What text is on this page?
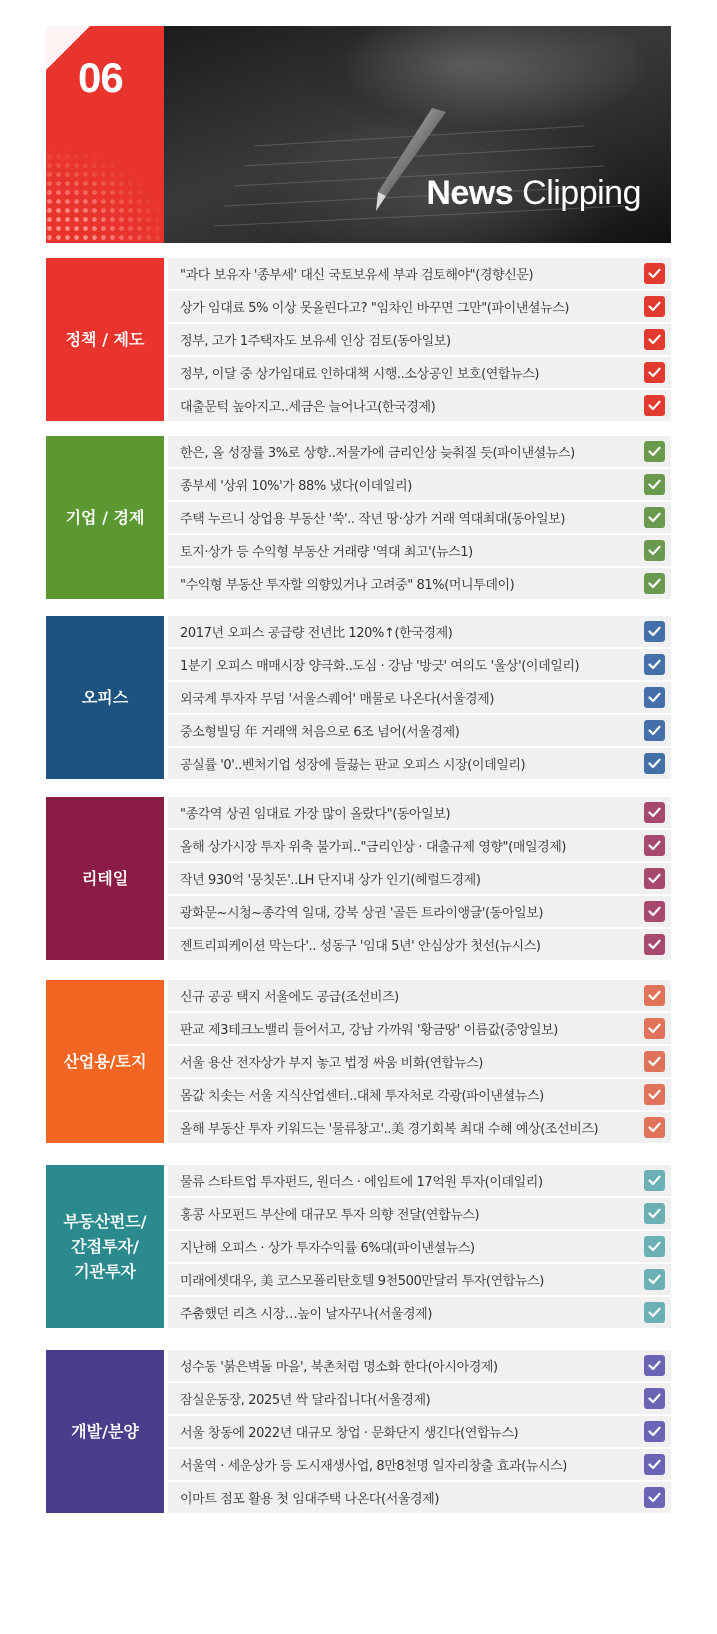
06
News Clipping
정책 / 제도
"과다 보유자 '종부세' 대신 국토보유세 부과 검토해야"(경향신문)
상가 임대료 5% 이상 못올린다고? "임차인 바꾸면 그만"(파이낸셜뉴스)
정부, 고가 1주택자도 보유세 인상 검토(동아일보)
정부, 이달 중 상가임대료 인하대책 시행..소상공인 보호(연합뉴스)
대출문턱 높아지고..세금은 늘어나고(한국경제)
기업 / 경제
한은, 올 성장률 3%로 상향..저물가에 금리인상 늦춰질 듯(파이낸셜뉴스)
종부세 '상위 10%'가 88% 냈다(이데일리)
주택 누르니 상업용 부동산 '쑥'.. 작년 땅·상가 거래 역대최대(동아일보)
토지·상가 등 수익형 부동산 거래량 '역대 최고'(뉴스1)
"수익형 부동산 투자할 의향있거나 고려중" 81%(머니투데이)
오피스
2017년 오피스 공급량 전년比 120%↑(한국경제)
1분기 오피스 매매시장 양극화..도심 · 강남 '방긋' 여의도 '울상'(이데일리)
외국계 투자자 무덤 '서울스퀘어' 매물로 나온다(서울경제)
중소형빌딩 年 거래액 처음으로 6조 넘어(서울경제)
공실률 '0'..벤처기업 성장에 들끓는 판교 오피스 시장(이데일리)
리테일
"종각역 상권 임대료 가장 많이 올랐다"(동아일보)
올해 상가시장 투자 위축 불가피.."금리인상 · 대출규제 영향"(매일경제)
작년 930억 '뭉칫돈'..LH 단지내 상가 인기(헤럴드경제)
광화문~시청~종각역 일대, 강북 상권 '골든 트라이앵글'(동아일보)
젠트리피케이션 막는다'.. 성동구 '임대 5년' 안심상가 첫선(뉴시스)
산업용/토지
신규 공공 택지 서울에도 공급(조선비즈)
판교 제3테크노밸리 들어서고, 강남 가까워 '황금땅' 이름값(중앙일보)
서울 용산 전자상가 부지 놓고 법정 싸움 비화(연합뉴스)
몸값 치솟는 서울 지식산업센터..대체 투자처로 각광(파이낸셜뉴스)
올해 부동산 투자 키워드는 '물류창고'..美 경기회복 최대 수혜 예상(조선비즈)
부동산펀드/
간접투자/
기관투자
물류 스타트업 투자펀드, 원더스 · 에임트에 17억원 투자(이데일리)
홍콩 사모펀드 부산에 대규모 투자 의향 전달(연합뉴스)
지난해 오피스 · 상가 투자수익률 6%대(파이낸셜뉴스)
미래에셋대우, 美 코스모폴리탄호텔 9천500만달러 투자(연합뉴스)
주춤했던 리츠 시장…높이 날자꾸나(서울경제)
개발/분양
성수동 '붉은벽돌 마을', 북촌처럼 명소화 한다(아시아경제)
잠실운동장, 2025년 싹 달라집니다(서울경제)
서울 창동에 2022년 대규모 창업 · 문화단지 생긴다(연합뉴스)
서울역 · 세운상가 등 도시재생사업, 8만8천명 일자리창출 효과(뉴시스)
이마트 점포 활용 첫 임대주택 나온다(서울경제)
